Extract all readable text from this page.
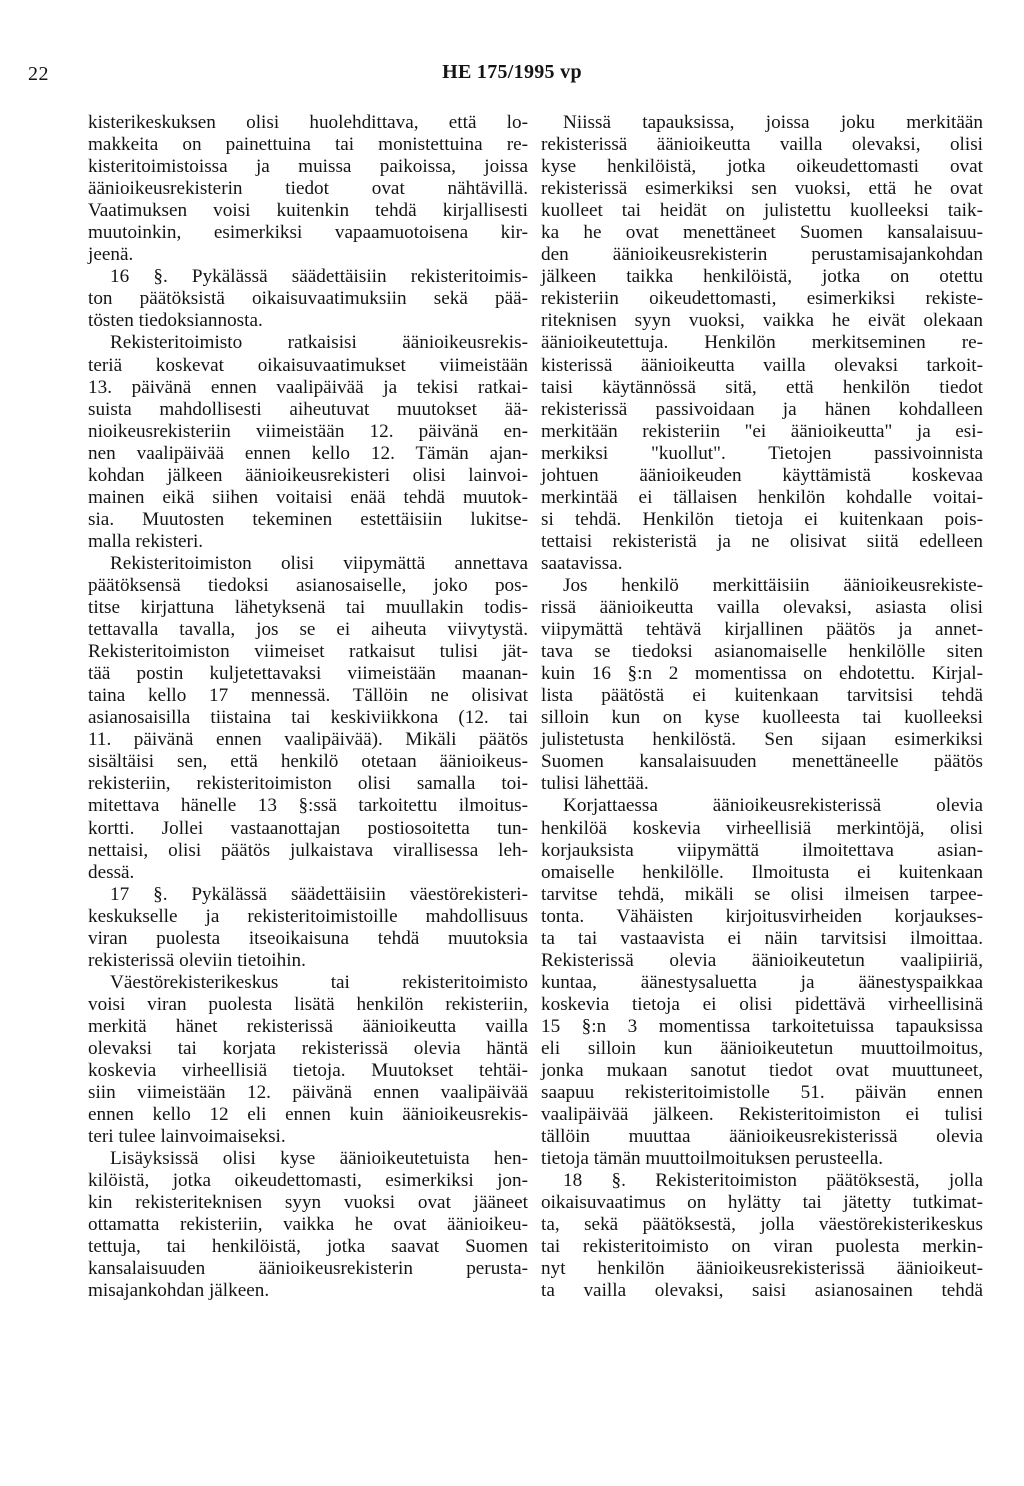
22	HE 175/1995 vp
kisterikeskuksen olisi huolehdittava, että lo-
makkeita on painettuina tai monistettuina re-
kisteritoimistoissa ja muissa paikoissa, joissa
äänioikeusrekisterin tiedot ovat nähtävillä.
Vaatimuksen voisi kuitenkin tehdä kirjallisesti
muutoinkin, esimerkiksi vapaamuotoisena kir-
jeenä.
16 §. Pykälässä säädettäisiin rekisteritoimis-
ton päätöksistä oikaisuvaatimuksiin sekä pää-
tösten tiedoksiannosta.
Rekisteritoimisto ratkaisisi äänioikeusrekis-
teriä koskevat oikaisuvaatimukset viimeistään
13. päivänä ennen vaalipäivää ja tekisi ratkai-
suista mahdollisesti aiheutuvat muutokset ää-
nioikeusrekisteriin viimeistään 12. päivänä en-
nen vaalipäivää ennen kello 12. Tämän ajan-
kohdan jälkeen äänioikeusrekisteri olisi lainvoi-
mainen eikä siihen voitaisi enää tehdä muutok-
sia. Muutosten tekeminen estettäisiin lukitse-
malla rekisteri.
Rekisteritoimiston olisi viipymättä annettava
päätöksensä tiedoksi asianosaiselle, joko pos-
titse kirjattuna lähetyksenä tai muullakin todis-
tettavalla tavalla, jos se ei aiheuta viivytystä.
Rekisteritoimiston viimeiset ratkaisut tulisi jät-
tää postin kuljetettavaksi viimeistään maanan-
taina kello 17 mennessä. Tällöin ne olisivat
asianosaisilla tiistaina tai keskiviikkona (12. tai
11. päivänä ennen vaalipäivää). Mikäli päätös
sisältäisi sen, että henkilö otetaan äänioikeus-
rekisteriin, rekisteritoimiston olisi samalla toi-
mitettava hänelle 13 §:ssä tarkoitettu ilmoitus-
kortti. Jollei vastaanottajan postiosoitetta tun-
nettaisi, olisi päätös julkaistava virallisessa leh-
dessä.
17 §. Pykälässä säädettäisiin väestörekisteri-
keskukselle ja rekisteritoimistoille mahdollisuus
viran puolesta itseoikaisuna tehdä muutoksia
rekisterissä oleviin tietoihin.
Väestörekisterikeskus tai rekisteritoimisto
voisi viran puolesta lisätä henkilön rekisteriin,
merkitä hänet rekisterissä äänioikeutta vailla
olevaksi tai korjata rekisterissä olevia häntä
koskevia virheellisiä tietoja. Muutokset tehtäi-
siin viimeistään 12. päivänä ennen vaalipäivää
ennen kello 12 eli ennen kuin äänioikeusrekis-
teri tulee lainvoimaiseksi.
Lisäyksissä olisi kyse äänioikeutetuista hen-
kilöistä, jotka oikeudettomasti, esimerkiksi jon-
kin rekisteriteknisen syyn vuoksi ovat jääneet
ottamatta rekisteriin, vaikka he ovat äänioikeu-
tettuja, tai henkilöistä, jotka saavat Suomen
kansalaisuuden äänioikeusrekisterin perusta-
misajankohdan jälkeen.
Niissä tapauksissa, joissa joku merkitään
rekisterissä äänioikeutta vailla olevaksi, olisi
kyse henkilöistä, jotka oikeudettomasti ovat
rekisterissä esimerkiksi sen vuoksi, että he ovat
kuolleet tai heidät on julistettu kuolleeksi taik-
ka he ovat menettäneet Suomen kansalaisuu-
den äänioikeusrekisterin perustamisajankohdan
jälkeen taikka henkilöistä, jotka on otettu
rekisteriin oikeudettomasti, esimerkiksi rekiste-
riteknisen syyn vuoksi, vaikka he eivät olekaan
äänioikeutettuja. Henkilön merkitseminen re-
kisterissä äänioikeutta vailla olevaksi tarkoit-
taisi käytännössä sitä, että henkilön tiedot
rekisterissä passivoidaan ja hänen kohdalleen
merkitään rekisteriin "ei äänioikeutta" ja esi-
merkiksi "kuollut". Tietojen passivoinnista
johtuen äänioikeuden käyttämistä koskevaa
merkintää ei tällaisen henkilön kohdalle voitai-
si tehdä. Henkilön tietoja ei kuitenkaan pois-
tettaisi rekisteristä ja ne olisivat siitä edelleen
saatavissa.
Jos henkilö merkittäisiin äänioikeusrekiste-
rissä äänioikeutta vailla olevaksi, asiasta olisi
viipymättä tehtävä kirjallinen päätös ja annet-
tava se tiedoksi asianomaiselle henkilölle siten
kuin 16 §:n 2 momentissa on ehdotettu. Kirjal-
lista päätöstä ei kuitenkaan tarvitsisi tehdä
silloin kun on kyse kuolleesta tai kuolleeksi
julistetusta henkilöstä. Sen sijaan esimerkiksi
Suomen kansalaisuuden menettäneelle päätös
tulisi lähettää.
Korjattaessa äänioikeusrekisterissä olevia
henkilöä koskevia virheellisiä merkintöjä, olisi
korjauksista viipymättä ilmoitettava asian-
omaiselle henkilölle. Ilmoitusta ei kuitenkaan
tarvitse tehdä, mikäli se olisi ilmeisen tarpee-
tonta. Vähäisten kirjoitusvirheiden korjaukses-
ta tai vastaavista ei näin tarvitsisi ilmoittaa.
Rekisterissä olevia äänioikeutetun vaalipiiriä,
kuntaa, äänestysaluetta ja äänestyspaikkaa
koskevia tietoja ei olisi pidettävä virheellisinä
15 §:n 3 momentissa tarkoitetuissa tapauksissa
eli silloin kun äänioikeutetun muuttoilmoitus,
jonka mukaan sanotut tiedot ovat muuttuneet,
saapuu rekisteritoimistolle 51. päivän ennen
vaalipäivää jälkeen. Rekisteritoimiston ei tulisi
tällöin muuttaa äänioikeusrekisterissä olevia
tietoja tämän muuttoilmoituksen perusteella.
18 §. Rekisteritoimiston päätöksestä, jolla
oikaisuvaatimus on hylätty tai jätetty tutkimat-
ta, sekä päätöksestä, jolla väestörekisterikeskus
tai rekisteritoimisto on viran puolesta merkin-
nyt henkilön äänioikeusrekisterissä äänioikeut-
ta vailla olevaksi, saisi asianosainen tehdä
